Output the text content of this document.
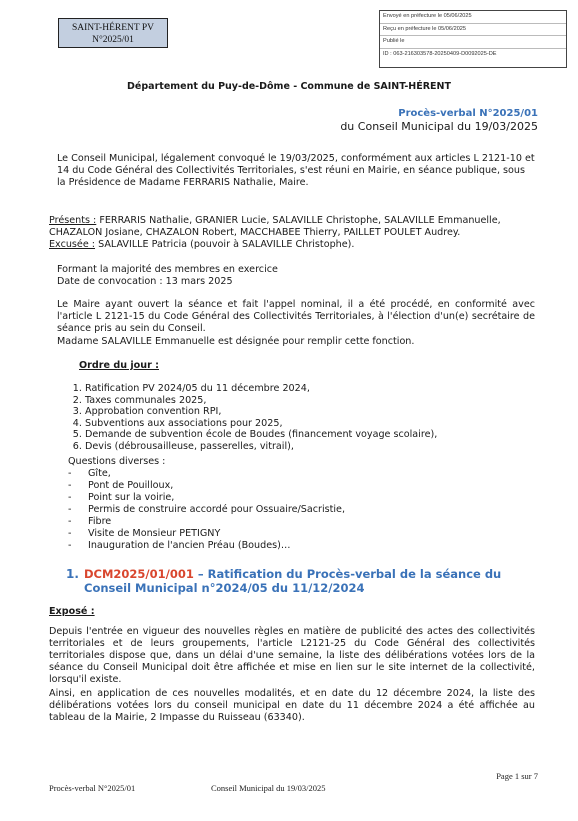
SAINT-HÉRENT PV
N°2025/01
Envoyé en préfecture le 05/06/2025
Reçu en préfecture le 05/06/2025
Publié le
ID : 063-216303578-20250409-D0092025-DE
Département du Puy-de-Dôme - Commune de SAINT-HÉRENT
Procès-verbal N°2025/01
du Conseil Municipal du 19/03/2025
Le Conseil Municipal, légalement convoqué le 19/03/2025, conformément aux articles L 2121-10 et 14 du Code Général des Collectivités Territoriales, s'est réuni en Mairie, en séance publique, sous la Présidence de Madame FERRARIS Nathalie, Maire.
Présents : FERRARIS Nathalie, GRANIER Lucie, SALAVILLE Christophe, SALAVILLE Emmanuelle, CHAZALON Josiane, CHAZALON Robert, MACCHABEE Thierry, PAILLET POULET Audrey.
Excusée : SALAVILLE Patricia (pouvoir à SALAVILLE Christophe).
Formant la majorité des membres en exercice
Date de convocation : 13 mars 2025
Le Maire ayant ouvert la séance et fait l'appel nominal, il a été procédé, en conformité avec l'article L 2121-15 du Code Général des Collectivités Territoriales, à l'élection d'un(e) secrétaire de séance pris au sein du Conseil.
Madame SALAVILLE Emmanuelle est désignée pour remplir cette fonction.
Ordre du jour :
1. Ratification PV 2024/05 du 11 décembre 2024,
2. Taxes communales 2025,
3. Approbation convention RPI,
4. Subventions aux associations pour 2025,
5. Demande de subvention école de Boudes (financement voyage scolaire),
6. Devis (débrousailleuse, passerelles, vitrail),
Questions diverses :
- Gîte,
- Pont de Pouilloux,
- Point sur la voirie,
- Permis de construire accordé pour Ossuaire/Sacristie,
- Fibre
- Visite de Monsieur PETIGNY
- Inauguration de l'ancien Préau (Boudes)…
1. DCM2025/01/001 – Ratification du Procès-verbal de la séance du Conseil Municipal n°2024/05 du 11/12/2024
Exposé :
Depuis l'entrée en vigueur des nouvelles règles en matière de publicité des actes des collectivités territoriales et de leurs groupements, l'article L2121-25 du Code Général des collectivités territoriales dispose que, dans un délai d'une semaine, la liste des délibérations votées lors de la séance du Conseil Municipal doit être affichée et mise en lien sur le site internet de la collectivité, lorsqu'il existe.
Ainsi, en application de ces nouvelles modalités, et en date du 12 décembre 2024, la liste des délibérations votées lors du conseil municipal en date du 11 décembre 2024 a été affichée au tableau de la Mairie, 2 Impasse du Ruisseau (63340).
Page 1 sur 7
Procès-verbal N°2025/01	Conseil Municipal du 19/03/2025
